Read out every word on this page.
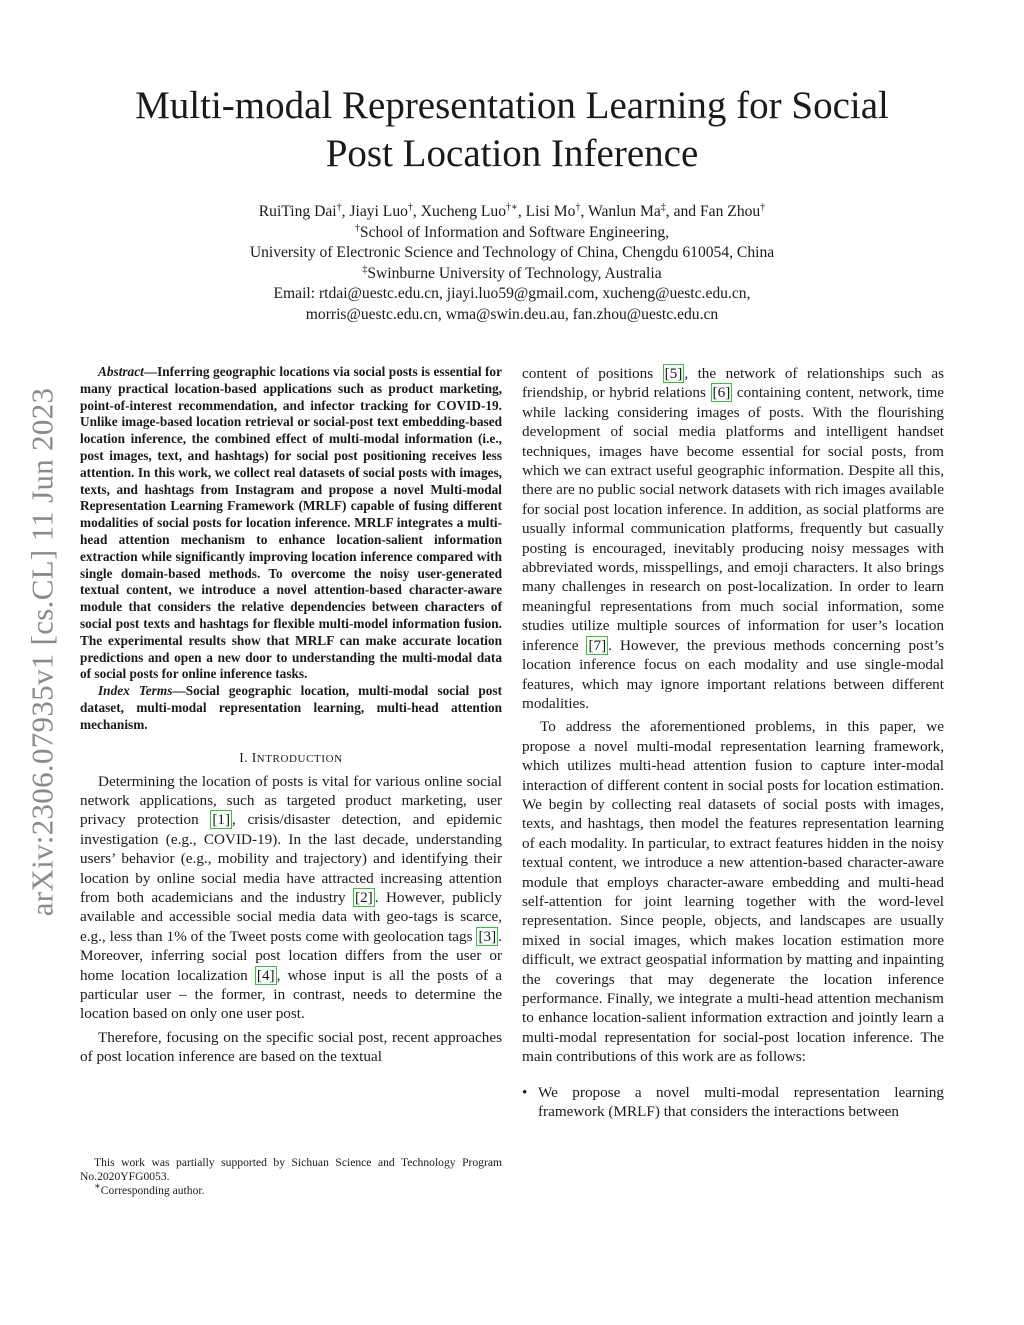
arXiv:2306.07935v1 [cs.CL] 11 Jun 2023
Multi-modal Representation Learning for Social
Post Location Inference
RuiTing Dai†, Jiayi Luo†, Xucheng Luo†∗, Lisi Mo†, Wanlun Ma‡, and Fan Zhou†
†School of Information and Software Engineering,
University of Electronic Science and Technology of China, Chengdu 610054, China
‡Swinburne University of Technology, Australia
Email: rtdai@uestc.edu.cn, jiayi.luo59@gmail.com, xucheng@uestc.edu.cn,
morris@uestc.edu.cn, wma@swin.deu.au, fan.zhou@uestc.edu.cn

Abstract—Inferring geographic locations via social posts is essential for many practical location-based applications such as product marketing, point-of-interest recommendation, and infector tracking for COVID-19. Unlike image-based location retrieval or social-post text embedding-based location inference, the combined effect of multi-modal information (i.e., post images, text, and hashtags) for social post positioning receives less attention. In this work, we collect real datasets of social posts with images, texts, and hashtags from Instagram and propose a novel Multi-modal Representation Learning Framework (MRLF) capable of fusing different modalities of social posts for location inference. MRLF integrates a multi-head attention mechanism to enhance location-salient information extraction while significantly improving location inference compared with single domain-based methods. To overcome the noisy user-generated textual content, we introduce a novel attention-based character-aware module that considers the relative dependencies between characters of social post texts and hashtags for flexible multi-model information fusion. The experimental results show that MRLF can make accurate location predictions and open a new door to understanding the multi-modal data of social posts for online inference tasks.

Index Terms—Social geographic location, multi-modal social post dataset, multi-modal representation learning, multi-head attention mechanism.

I. INTRODUCTION

Determining the location of posts is vital for various online social network applications, such as targeted product marketing, user privacy protection [1] , crisis/disaster detection, and epidemic investigation (e.g., COVID-19). In the last decade, understanding users’ behavior (e.g., mobility and trajectory) and identifying their location by online social media have attracted increasing attention from both academicians and the industry [2] . However, publicly available and accessible social media data with geo-tags is scarce, e.g., less than 1% of the Tweet posts come with geolocation tags [3] . Moreover, inferring social post location differs from the user or home location localization [4] , whose input is all the posts of a particular user – the former, in contrast, needs to determine the location based on only one user post.

Therefore, focusing on the specific social post, recent approaches of post location inference are based on the textual

This work was partially supported by Sichuan Science and Technology Program No.2020YFG0053.

∗Corresponding author.

content of positions [5] , the network of relationships such as friendship, or hybrid relations [6] containing content, network, time while lacking considering images of posts. With the flourishing development of social media platforms and intelligent handset techniques, images have become essential for social posts, from which we can extract useful geographic information. Despite all this, there are no public social network datasets with rich images available for social post location inference. In addition, as social platforms are usually informal communication platforms, frequently but casually posting is encouraged, inevitably producing noisy messages with abbreviated words, misspellings, and emoji characters. It also brings many challenges in research on post-localization. In order to learn meaningful representations from much social information, some studies utilize multiple sources of information for user’s location inference [7] . However, the previous methods concerning post’s location inference focus on each modality and use single-modal features, which may ignore important relations between different modalities.

To address the aforementioned problems, in this paper, we propose a novel multi-modal representation learning framework, which utilizes multi-head attention fusion to capture inter-modal interaction of different content in social posts for location estimation. We begin by collecting real datasets of social posts with images, texts, and hashtags, then model the features representation learning of each modality. In particular, to extract features hidden in the noisy textual content, we introduce a new attention-based character-aware module that employs character-aware embedding and multi-head self-attention for joint learning together with the word-level representation. Since people, objects, and landscapes are usually mixed in social images, which makes location estimation more difficult, we extract geospatial information by matting and inpainting the coverings that may degenerate the location inference performance. Finally, we integrate a multi-head attention mechanism to enhance location-salient information extraction and jointly learn a multi-modal representation for social-post location inference. The main contributions of this work are as follows:

• We propose a novel multi-modal representation learning framework (MRLF) that considers the interactions between
